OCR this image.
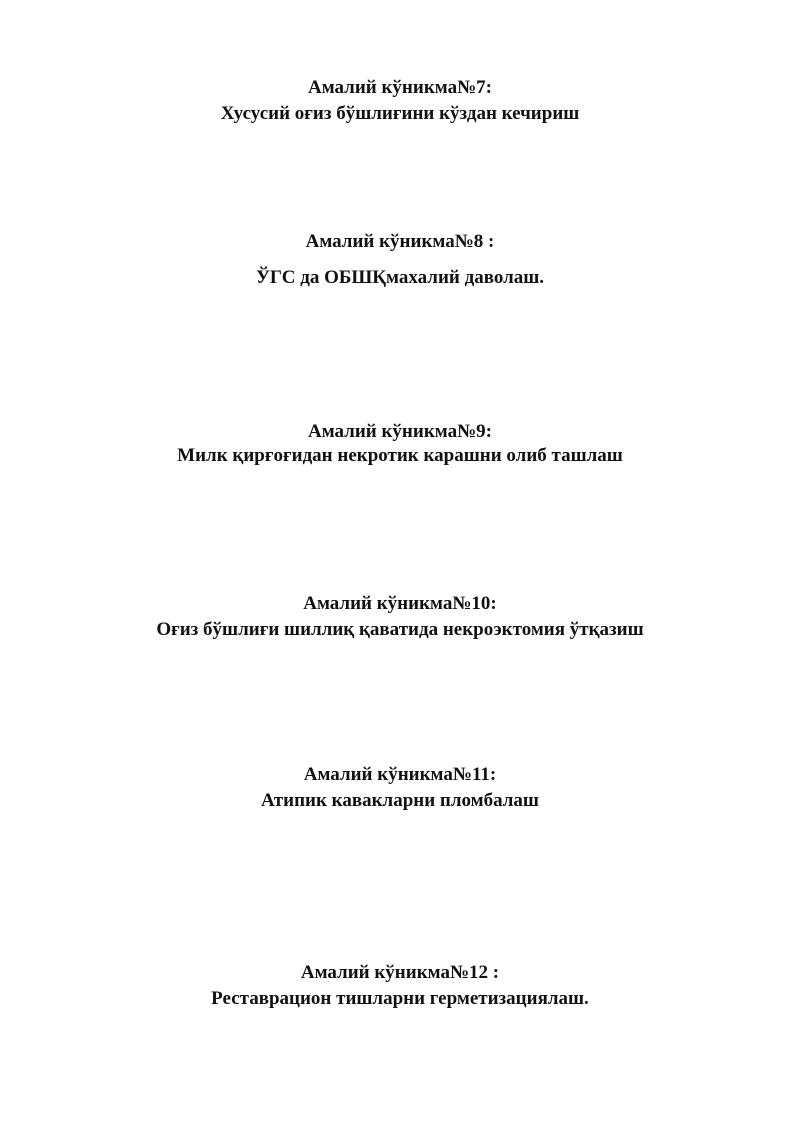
Амалий кўникма№7:
Хусусий оғиз бўшлиғини кўздан кечириш
Амалий кўникма№8 :
ЎГС да ОБШҚмахалий даволаш.
Амалий кўникма№9:
Милк қирғоғидан некротик карашни олиб ташлаш
Амалий кўникма№10:
Оғиз бўшлиғи шиллиқ қаватида некроэктомия ўтқазиш
Амалий кўникма№11:
Атипик кавакларни пломбалаш
Амалий кўникма№12 :
Реставрацион тишларни герметизациялаш.
